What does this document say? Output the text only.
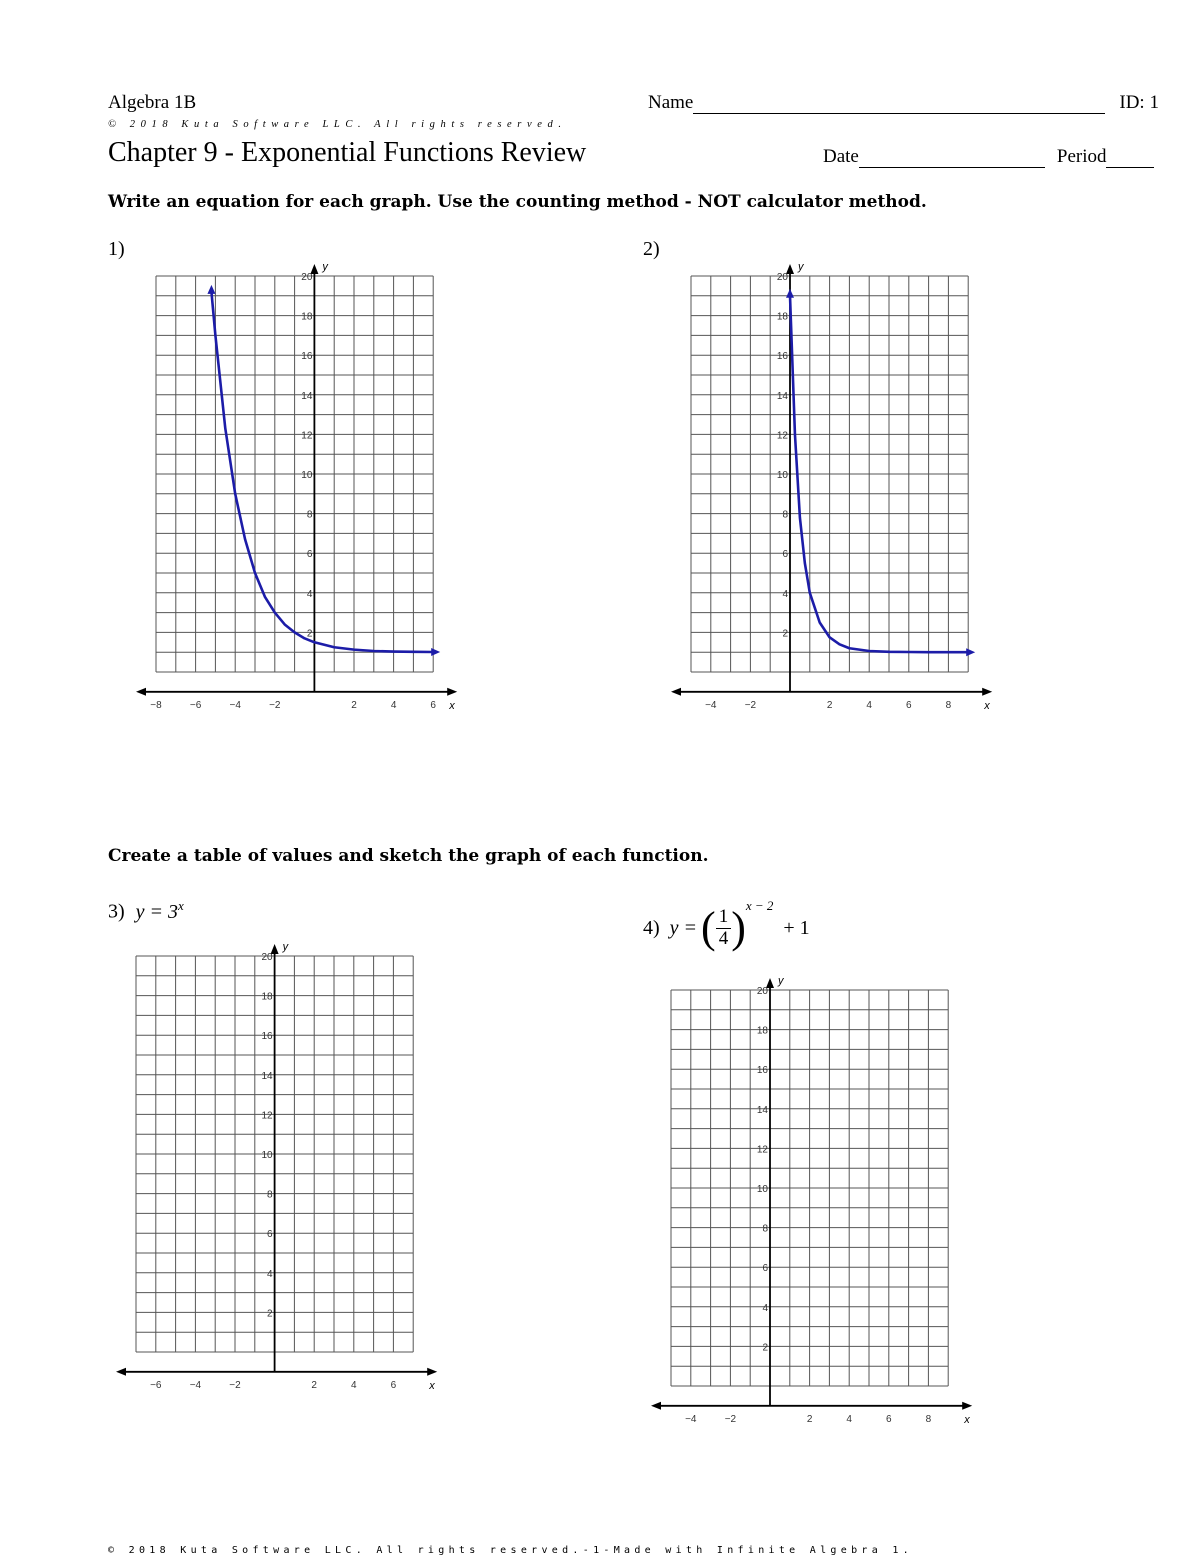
Algebra 1B	Name	ID: 1
© 2018 Kuta Software LLC. All rights reserved.
Chapter 9 - Exponential Functions Review	Date	Period
Write an equation for each graph. Use the counting method - NOT calculator method.
1)	2)
x
y
2
4
6
8
10
12
14
16
18
20
−8	−6	−4	−2	2	4	6	x
y
2
4
6
8
10
12
14
16
18
20
−4	−2	2	4	6	8
Create a table of values and sketch the graph of each function.
3) $y = 3^x$
4) y = ( $\frac{1}{4}$ ) x − 2
+ 1
x
y
2
4
6
8
10
12
14
16
18
20
−6	−4	−2	2	4	6
x
y
2
4
6
8
10
12
14
16
18
20
−4	−2	2	4	6	8
© 2018 Kuta Software LLC. All rights reserved.-1-Made with Infinite Algebra 1.
